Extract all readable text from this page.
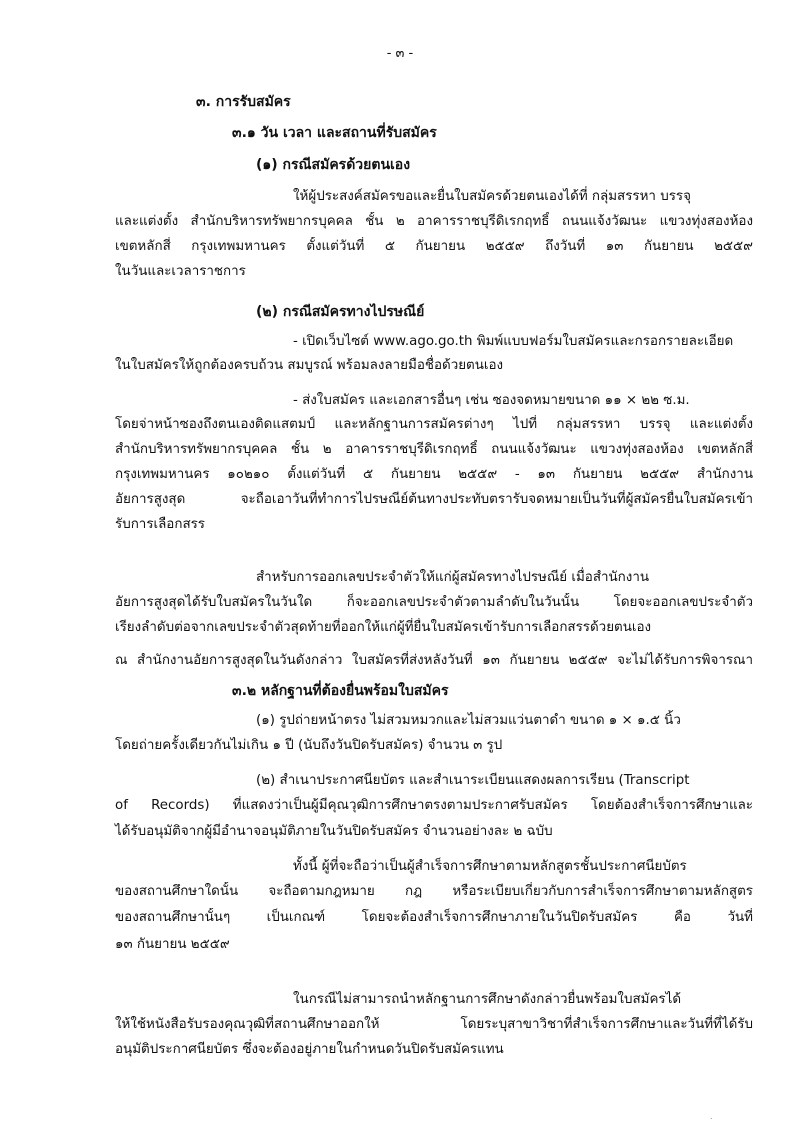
- ๓ -
๓. การรับสมัคร
๓.๑ วัน เวลา และสถานที่รับสมัคร
(๑) กรณีสมัครด้วยตนเอง
ให้ผู้ประสงค์สมัครขอและยื่นใบสมัครด้วยตนเองได้ที่ กลุ่มสรรหา บรรจุ
และแต่งตั้ง สำนักบริหารทรัพยากรบุคคล ชั้น ๒ อาคารราชบุรีดิเรกฤทธิ์ ถนนแจ้งวัฒนะ แขวงทุ่งสองห้อง
เขตหลักสี่ กรุงเทพมหานคร ตั้งแต่วันที่ ๕ กันยายน ๒๕๕๙ ถึงวันที่ ๑๓ กันยายน ๒๕๕๙
ในวันและเวลาราชการ
(๒) กรณีสมัครทางไปรษณีย์
- เปิดเว็บไซต์ www.ago.go.th พิมพ์แบบฟอร์มใบสมัครและกรอกรายละเอียด
ในใบสมัครให้ถูกต้องครบถ้วน สมบูรณ์ พร้อมลงลายมือชื่อด้วยตนเอง
- ส่งใบสมัคร และเอกสารอื่นๆ เช่น ซองจดหมายขนาด ๑๑ × ๒๒ ซ.ม.
โดยจ่าหน้าซองถึงตนเองติดแสตมป์ และหลักฐานการสมัครต่างๆ ไปที่ กลุ่มสรรหา บรรจุ และแต่งตั้ง
สำนักบริหารทรัพยากรบุคคล ชั้น ๒ อาคารราชบุรีดิเรกฤทธิ์ ถนนแจ้งวัฒนะ แขวงทุ่งสองห้อง เขตหลักสี่
กรุงเทพมหานคร ๑๐๒๑๐ ตั้งแต่วันที่ ๕ กันยายน ๒๕๕๙ - ๑๓ กันยายน ๒๕๕๙ สำนักงาน
อัยการสูงสุด จะถือเอาวันที่ทำการไปรษณีย์ต้นทางประทับตรารับจดหมายเป็นวันที่ผู้สมัครยื่นใบสมัครเข้า
รับการเลือกสรร
สำหรับการออกเลขประจำตัวให้แก่ผู้สมัครทางไปรษณีย์ เมื่อสำนักงาน
อัยการสูงสุดได้รับใบสมัครในวันใด ก็จะออกเลขประจำตัวตามลำดับในวันนั้น โดยจะออกเลขประจำตัว
เรียงลำดับต่อจากเลขประจำตัวสุดท้ายที่ออกให้แก่ผู้ที่ยื่นใบสมัครเข้ารับการเลือกสรรด้วยตนเอง
ณ สำนักงานอัยการสูงสุดในวันดังกล่าว ใบสมัครที่ส่งหลังวันที่ ๑๓ กันยายน ๒๕๕๙ จะไม่ได้รับการพิจารณา
๓.๒ หลักฐานที่ต้องยื่นพร้อมใบสมัคร
(๑) รูปถ่ายหน้าตรง ไม่สวมหมวกและไม่สวมแว่นตาดำ ขนาด ๑ × ๑.๕ นิ้ว
โดยถ่ายครั้งเดียวกันไม่เกิน ๑ ปี (นับถึงวันปิดรับสมัคร) จำนวน ๓ รูป
(๒) สำเนาประกาศนียบัตร และสำเนาระเบียนแสดงผลการเรียน (Transcript
of Records) ที่แสดงว่าเป็นผู้มีคุณวุฒิการศึกษาตรงตามประกาศรับสมัคร โดยต้องสำเร็จการศึกษาและ
ได้รับอนุมัติจากผู้มีอำนาจอนุมัติภายในวันปิดรับสมัคร จำนวนอย่างละ ๒ ฉบับ
ทั้งนี้ ผู้ที่จะถือว่าเป็นผู้สำเร็จการศึกษาตามหลักสูตรชั้นประกาศนียบัตร
ของสถานศึกษาใดนั้น จะถือตามกฎหมาย กฎ หรือระเบียบเกี่ยวกับการสำเร็จการศึกษาตามหลักสูตร
ของสถานศึกษานั้นๆ เป็นเกณฑ์ โดยจะต้องสำเร็จการศึกษาภายในวันปิดรับสมัคร คือ วันที่
๑๓ กันยายน ๒๕๕๙
ในกรณีไม่สามารถนำหลักฐานการศึกษาดังกล่าวยื่นพร้อมใบสมัครได้
ให้ใช้หนังสือรับรองคุณวุฒิที่สถานศึกษาออกให้ โดยระบุสาขาวิชาที่สำเร็จการศึกษาและวันที่ที่ได้รับ
อนุมัติประกาศนียบัตร ซึ่งจะต้องอยู่ภายในกำหนดวันปิดรับสมัครแทน
.
